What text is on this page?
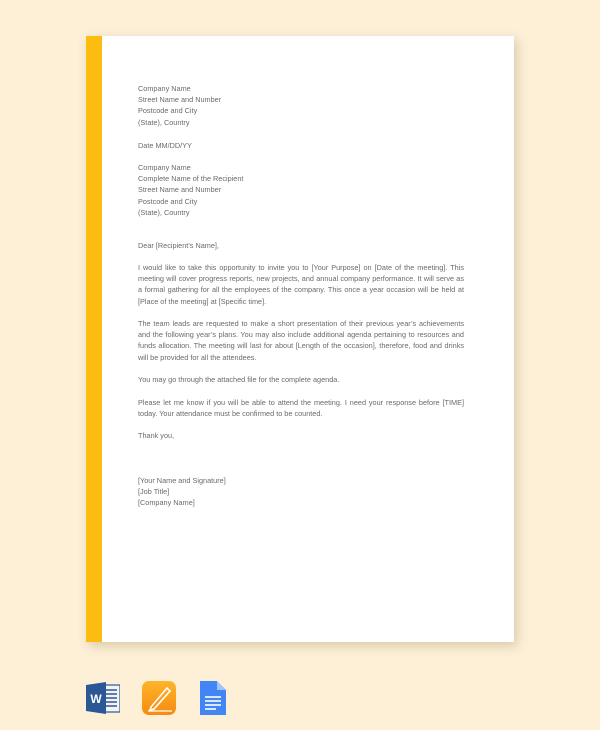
Company Name
Street Name and Number
Postcode and City
(State), Country
Date MM/DD/YY
Company Name
Complete Name of the Recipient
Street Name and Number
Postcode and City
(State), Country
Dear [Recipient’s Name],
I would like to take this opportunity to invite you to [Your Purpose] on [Date of the meeting]. This
meeting will cover progress reports, new projects, and annual company performance. It will serve as
a formal gathering for all the employees of the company. This once a year occasion will be held at
[Place of the meeting] at [Specific time].
The team leads are requested to make a short presentation of their previous year’s achievements
and the following year’s plans. You may also include additional agenda pertaining to resources and
funds allocation. The meeting will last for about [Length of the occasion], therefore, food and drinks
will be provided for all the attendees.
You may go through the attached file for the complete agenda.
Please let me know if you will be able to attend the meeting. I need your response before [TIME]
today. Your attendance must be confirmed to be counted.
Thank you,
[Your Name and Signature]
[Job Title]
[Company Name]
W
